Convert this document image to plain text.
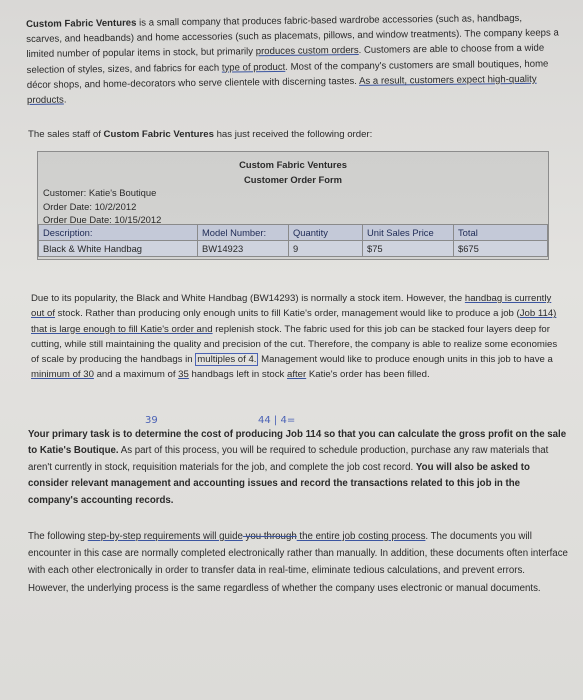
Custom Fabric Ventures is a small company that produces fabric-based wardrobe accessories (such as, handbags, scarves, and headbands) and home accessories (such as placemats, pillows, and window treatments). The company keeps a limited number of popular items in stock, but primarily produces custom orders. Customers are able to choose from a wide selection of styles, sizes, and fabrics for each type of product. Most of the company's customers are small boutiques, home décor shops, and home-decorators who serve clientele with discerning tastes. As a result, customers expect high-quality products.

The sales staff of Custom Fabric Ventures has just received the following order:

Custom Fabric Ventures
Customer Order Form
Customer: Katie's Boutique
Order Date: 10/2/2012
Order Due Date: 10/15/2012
Description:	Model Number:	Quantity	Unit Sales Price	Total
Black & White Handbag	BW14923	9	$75	$675

Due to its popularity, the Black and White Handbag (BW14293) is normally a stock item. However, the handbag is currently out of stock. Rather than producing only enough units to fill Katie's order, management would like to produce a job (Job 114) that is large enough to fill Katie's order and replenish stock. The fabric used for this job can be stacked four layers deep for cutting, while still maintaining the quality and precision of the cut. Therefore, the company is able to realize some economies of scale by producing the handbags in multiples of 4. Management would like to produce enough units in this job to have a minimum of 30 and a maximum of 35 handbags left in stock after Katie's order has been filled.

39	44 | 4=

Your primary task is to determine the cost of producing Job 114 so that you can calculate the gross profit on the sale to Katie's Boutique. As part of this process, you will be required to schedule production, purchase any raw materials that aren't currently in stock, requisition materials for the job, and complete the job cost record. You will also be asked to consider relevant management and accounting issues and record the transactions related to this job in the company's accounting records.

The following step-by-step requirements will guide you through the entire job costing process. The documents you will encounter in this case are normally completed electronically rather than manually. In addition, these documents often interface with each other electronically in order to transfer data in real-time, eliminate tedious calculations, and prevent errors. However, the underlying process is the same regardless of whether the company uses electronic or manual documents.
